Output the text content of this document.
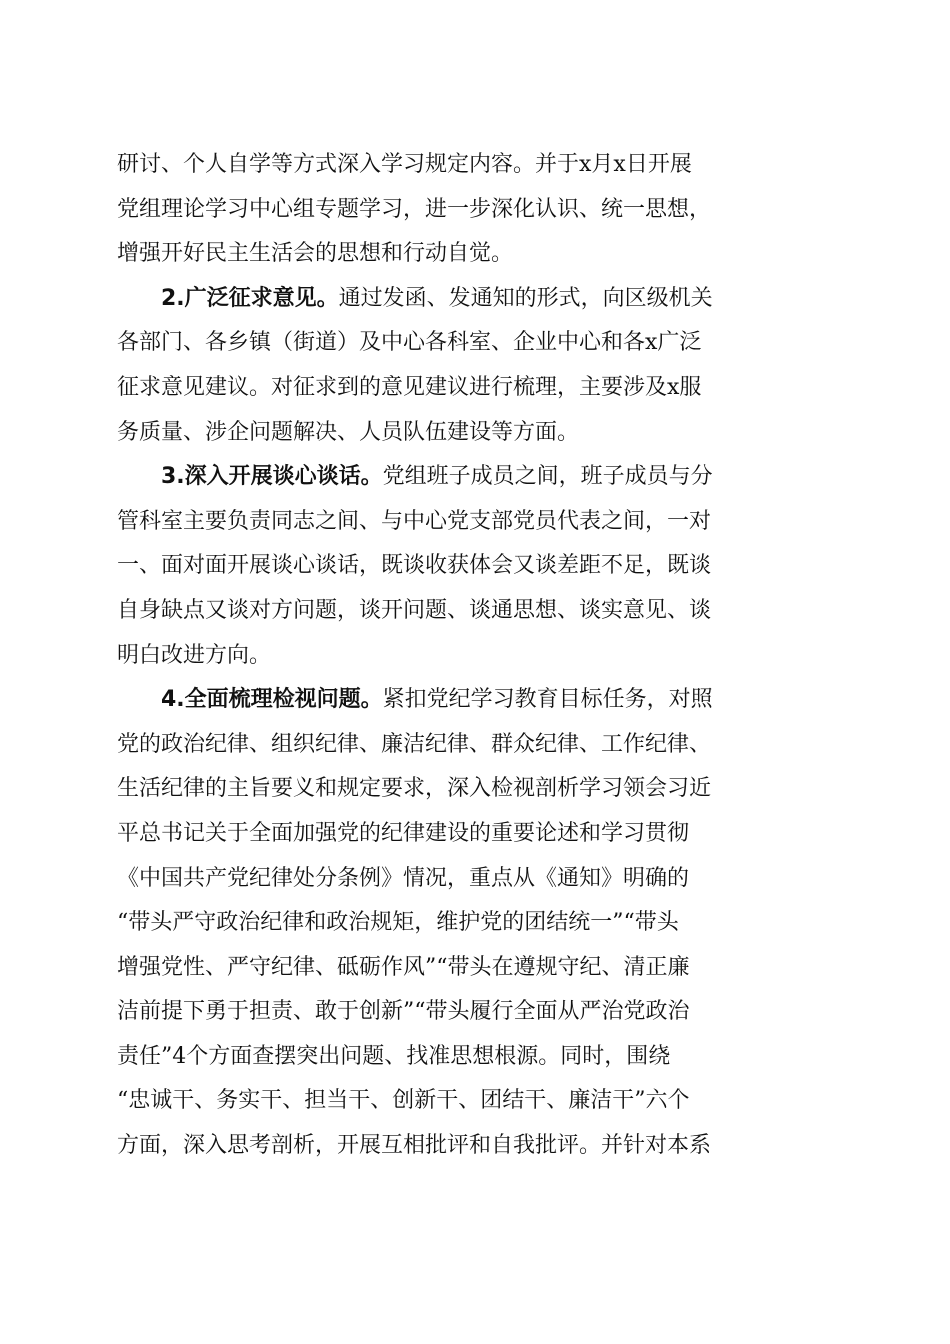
研讨、个人自学等方式深入学习规定内容。并于x月x日开展
党组理论学习中心组专题学习，进一步深化认识、统一思想，
增强开好民主生活会的思想和行动自觉。
2.广泛征求意见。通过发函、发通知的形式，向区级机关
各部门、各乡镇（街道）及中心各科室、企业中心和各x广泛
征求意见建议。对征求到的意见建议进行梳理，主要涉及x服
务质量、涉企问题解决、人员队伍建设等方面。
3.深入开展谈心谈话。党组班子成员之间，班子成员与分
管科室主要负责同志之间、与中心党支部党员代表之间，一对
一、面对面开展谈心谈话，既谈收获体会又谈差距不足，既谈
自身缺点又谈对方问题，谈开问题、谈通思想、谈实意见、谈
明白改进方向。
4.全面梳理检视问题。紧扣党纪学习教育目标任务，对照
党的政治纪律、组织纪律、廉洁纪律、群众纪律、工作纪律、
生活纪律的主旨要义和规定要求，深入检视剖析学习领会习近
平总书记关于全面加强党的纪律建设的重要论述和学习贯彻
《中国共产党纪律处分条例》情况，重点从《通知》明确的
“带头严守政治纪律和政治规矩，维护党的团结统一”“带头
增强党性、严守纪律、砥砺作风”“带头在遵规守纪、清正廉
洁前提下勇于担责、敢于创新”“带头履行全面从严治党政治
责任”4个方面查摆突出问题、找准思想根源。同时，围绕
“忠诚干、务实干、担当干、创新干、团结干、廉洁干”六个
方面，深入思考剖析，开展互相批评和自我批评。并针对本系
